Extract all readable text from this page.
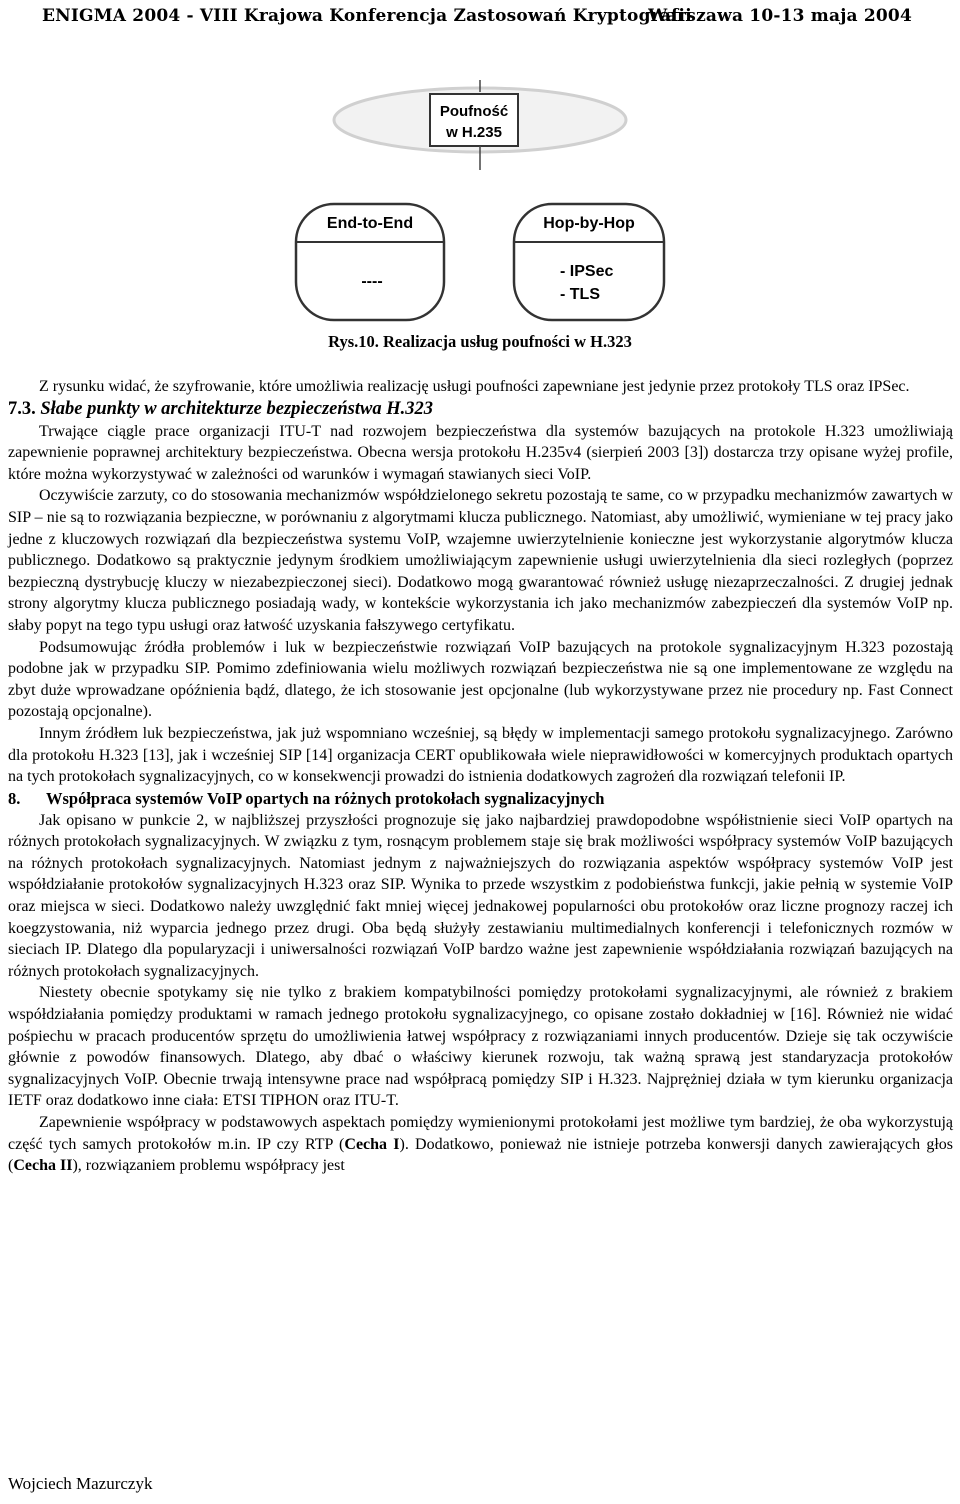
ENIGMA 2004 - VIII Krajowa Konferencja Zastosowań Kryptografii
Warszawa 10-13 maja 2004
Poufność
w H.235
End-to-End
----
Hop-by-Hop
- IPSec
- TLS
Rys.10. Realizacja usług poufności w H.323

Z rysunku widać, że szyfrowanie, które umożliwia realizację usługi poufności zapewniane jest jedynie przez protokoły TLS oraz IPSec.

7.3. Słabe punkty w architekturze bezpieczeństwa H.323

Trwające ciągle prace organizacji ITU-T nad rozwojem bezpieczeństwa dla systemów bazujących na protokole H.323 umożliwiają zapewnienie poprawnej architektury bezpieczeństwa. Obecna wersja protokołu H.235v4 (sierpień 2003 [3]) dostarcza trzy opisane wyżej profile, które można wykorzystywać w zależności od warunków i wymagań stawianych sieci VoIP.

Oczywiście zarzuty, co do stosowania mechanizmów współdzielonego sekretu pozostają te same, co w przypadku mechanizmów zawartych w SIP – nie są to rozwiązania bezpieczne, w porównaniu z algorytmami klucza publicznego. Natomiast, aby umożliwić, wymieniane w tej pracy jako jedne z kluczowych rozwiązań dla bezpieczeństwa systemu VoIP, wzajemne uwierzytelnienie konieczne jest wykorzystanie algorytmów klucza publicznego. Dodatkowo są praktycznie jedynym środkiem umożliwiającym zapewnienie usługi uwierzytelnienia dla sieci rozległych (poprzez bezpieczną dystrybucję kluczy w niezabezpieczonej sieci). Dodatkowo mogą gwarantować również usługę niezaprzeczalności. Z drugiej jednak strony algorytmy klucza publicznego posiadają wady, w kontekście wykorzystania ich jako mechanizmów zabezpieczeń dla systemów VoIP np. słaby popyt na tego typu usługi oraz łatwość uzyskania fałszywego certyfikatu.

Podsumowując źródła problemów i luk w bezpieczeństwie rozwiązań VoIP bazujących na protokole sygnalizacyjnym H.323 pozostają podobne jak w przypadku SIP. Pomimo zdefiniowania wielu możliwych rozwiązań bezpieczeństwa nie są one implementowane ze względu na zbyt duże wprowadzane opóźnienia bądź, dlatego, że ich stosowanie jest opcjonalne (lub wykorzystywane przez nie procedury np. Fast Connect pozostają opcjonalne).

Innym źródłem luk bezpieczeństwa, jak już wspomniano wcześniej, są błędy w implementacji samego protokołu sygnalizacyjnego. Zarówno dla protokołu H.323 [13], jak i wcześniej SIP [14] organizacja CERT opublikowała wiele nieprawidłowości w komercyjnych produktach opartych na tych protokołach sygnalizacyjnych, co w konsekwencji prowadzi do istnienia dodatkowych zagrożeń dla rozwiązań telefonii IP.

8. Współpraca systemów VoIP opartych na różnych protokołach sygnalizacyjnych

Jak opisano w punkcie 2, w najbliższej przyszłości prognozuje się jako najbardziej prawdopodobne współistnienie sieci VoIP opartych na różnych protokołach sygnalizacyjnych. W związku z tym, rosnącym problemem staje się brak możliwości współpracy systemów VoIP bazujących na różnych protokołach sygnalizacyjnych. Natomiast jednym z najważniejszych do rozwiązania aspektów współpracy systemów VoIP jest współdziałanie protokołów sygnalizacyjnych H.323 oraz SIP. Wynika to przede wszystkim z podobieństwa funkcji, jakie pełnią w systemie VoIP oraz miejsca w sieci. Dodatkowo należy uwzględnić fakt mniej więcej jednakowej popularności obu protokołów oraz liczne prognozy raczej ich koegzystowania, niż wyparcia jednego przez drugi. Oba będą służyły zestawianiu multimedialnych konferencji i telefonicznych rozmów w sieciach IP. Dlatego dla popularyzacji i uniwersalności rozwiązań VoIP bardzo ważne jest zapewnienie współdziałania rozwiązań bazujących na różnych protokołach sygnalizacyjnych.

Niestety obecnie spotykamy się nie tylko z brakiem kompatybilności pomiędzy protokołami sygnalizacyjnymi, ale również z brakiem współdziałania pomiędzy produktami w ramach jednego protokołu sygnalizacyjnego, co opisane zostało dokładniej w [16]. Również nie widać pośpiechu w pracach producentów sprzętu do umożliwienia łatwej współpracy z rozwiązaniami innych producentów. Dzieje się tak oczywiście głównie z powodów finansowych. Dlatego, aby dbać o właściwy kierunek rozwoju, tak ważną sprawą jest standaryzacja protokołów sygnalizacyjnych VoIP. Obecnie trwają intensywne prace nad współpracą pomiędzy SIP i H.323. Najprężniej działa w tym kierunku organizacja IETF oraz dodatkowo inne ciała: ETSI TIPHON oraz ITU-T.

Zapewnienie współpracy w podstawowych aspektach pomiędzy wymienionymi protokołami jest możliwe tym bardziej, że oba wykorzystują część tych samych protokołów m.in. IP czy RTP (Cecha I). Dodatkowo, ponieważ nie istnieje potrzeba konwersji danych zawierających głos (Cecha II), rozwiązaniem problemu współpracy jest

Wojciech Mazurczyk
